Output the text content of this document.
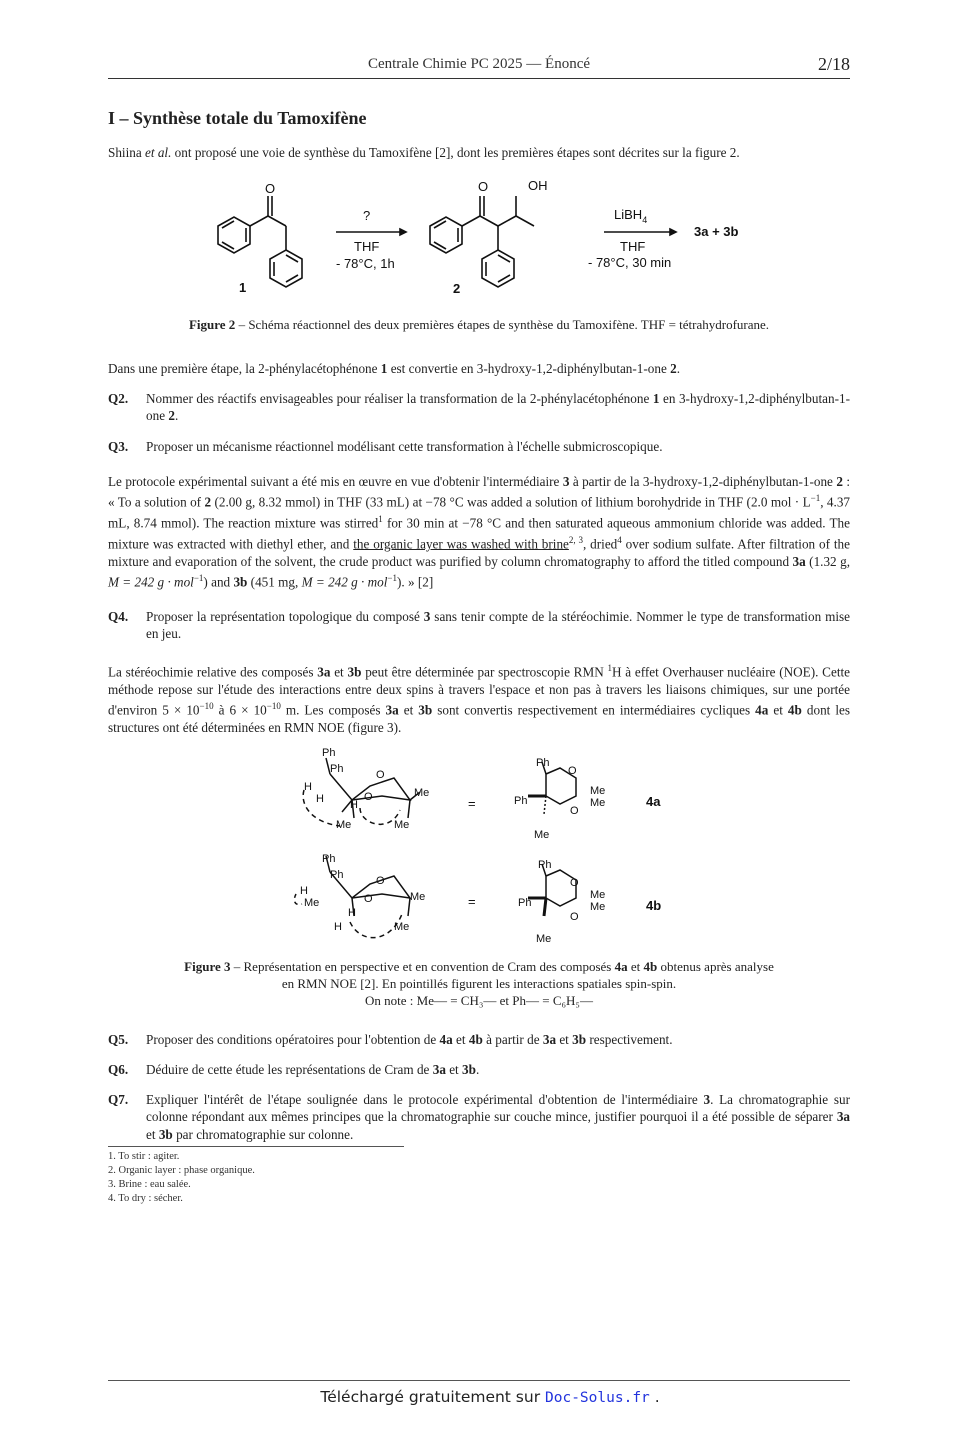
Centrale Chimie PC 2025 — Énoncé	2/18
I – Synthèse totale du Tamoxifène
Shiina et al. ont proposé une voie de synthèse du Tamoxifène [2], dont les premières étapes sont décrites sur la figure 2.
O	O	OH
1	2
?
THF
- 78°C, 1h
LiBH$_4$
THF
- 78°C, 30 min
3a + 3b
Figure 2 – Schéma réactionnel des deux premières étapes de synthèse du Tamoxifène. THF = tétrahydrofurane.
Dans une première étape, la 2-phénylacétophénone 1 est convertie en 3-hydroxy-1,2-diphénylbutan-1-one 2.
Q2. Nommer des réactifs envisageables pour réaliser la transformation de la 2-phénylacétophénone 1 en 3-hydroxy-1,2-diphénylbutan-1-one 2.
Q3. Proposer un mécanisme réactionnel modélisant cette transformation à l'échelle submicroscopique.
Le protocole expérimental suivant a été mis en œuvre en vue d'obtenir l'intermédiaire 3 à partir de la 3-hydroxy-1,2-diphénylbutan-1-one 2 : « To a solution of 2 (2.00 g, 8.32 mmol) in THF (33 mL) at −78 °C was added a solution of lithium borohydride in THF (2.0 mol · $L^{-1}$, 4.37 mL, 8.74 mmol). The reaction mixture was stirred$^1$ for 30 min at −78 °C and then saturated aqueous ammonium chloride was added. The mixture was extracted with diethyl ether, and the organic layer was washed with brine$^{2, 3}$, dried$^4$ over sodium sulfate. After filtration of the mixture and evaporation of the solvent, the crude product was purified by column chromatography to afford the titled compound 3a (1.32 g, M = 242 g · mol$^{-1}$) and 3b (451 mg, M = 242 g · mol$^{-1}$). » [2]
Q4. Proposer la représentation topologique du composé 3 sans tenir compte de la stéréochimie. Nommer le type de transformation mise en jeu.
La stéréochimie relative des composés 3a et 3b peut être déterminée par spectroscopie RMN $^1$H à effet Overhauser nucléaire (NOE). Cette méthode repose sur l'étude des interactions entre deux spins à travers l'espace et non pas à travers les liaisons chimiques, sur une portée d'environ $5 \times 10^{-10}$ à $6 \times 10^{-10}$ m. Les composés 3a et 3b sont convertis respectivement en intermédiaires cycliques 4a et 4b dont les structures ont été déterminées en RMN NOE (figure 3).
Ph
Ph	O
O
H
H H
Me	Me
Me
=
Ph
Ph
O
O
Me
Me
Me
4a
Ph
Ph	O
O
H
Me
H
H	Me
Me	=
Ph
Ph
O
O
Me
Me
Me
4b
Figure 3 – Représentation en perspective et en convention de Cram des composés 4a et 4b obtenus après analyse
en RMN NOE [2]. En pointillés figurent les interactions spatiales spin-spin.
On note : Me— = CH₃— et Ph— = C₆H₅—
Q5. Proposer des conditions opératoires pour l'obtention de 4a et 4b à partir de 3a et 3b respectivement.
Q6. Déduire de cette étude les représentations de Cram de 3a et 3b.
Q7. Expliquer l'intérêt de l'étape soulignée dans le protocole expérimental d'obtention de l'intermédiaire 3. La chromatographie sur colonne répondant aux mêmes principes que la chromatographie sur couche mince, justifier pourquoi il a été possible de séparer 3a et 3b par chromatographie sur colonne.
1. To stir : agiter.
2. Organic layer : phase organique.
3. Brine : eau salée.
4. To dry : sécher.
Téléchargé gratuitement sur Doc-Solus.fr .
